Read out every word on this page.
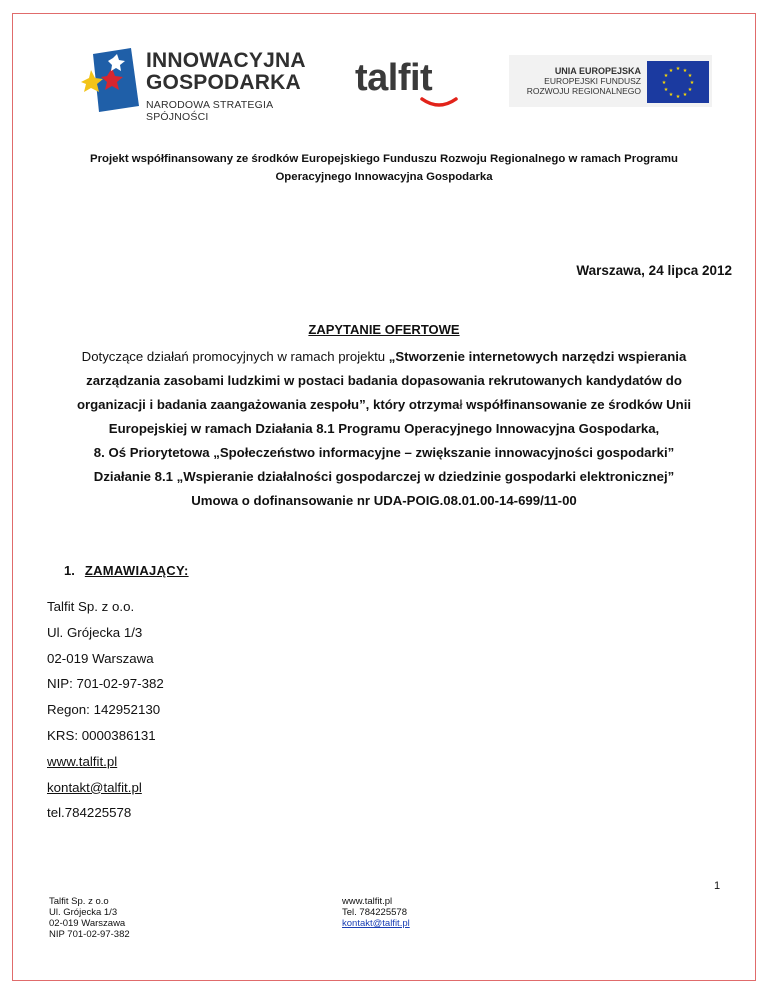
INNOWACYJNA
GOSPODARKA
NARODOWA STRATEGIA SPÓJNOŚCI
talfit	UNIA EUROPEJSKA
EUROPEJSKI FUNDUSZ
ROZWOJU REGIONALNEGO
★ ★
★
★
★
★
★
★
★
★
★
★
Projekt współfinansowany ze środków Europejskiego Funduszu Rozwoju Regionalnego w ramach Programu
Operacyjnego Innowacyjna Gospodarka
Warszawa, 24 lipca 2012
ZAPYTANIE OFERTOWE
Dotyczące działań promocyjnych w ramach projektu „Stworzenie internetowych narzędzi wspierania
zarządzania zasobami ludzkimi w postaci badania dopasowania rekrutowanych kandydatów do
organizacji i badania zaangażowania zespołu”, który otrzymał współfinansowanie ze środków Unii
Europejskiej w ramach Działania 8.1 Programu Operacyjnego Innowacyjna Gospodarka,
8. Oś Priorytetowa „Społeczeństwo informacyjne – zwiększanie innowacyjności gospodarki”
Działanie 8.1 „Wspieranie działalności gospodarczej w dziedzinie gospodarki elektronicznej”
Umowa o dofinansowanie nr UDA-POIG.08.01.00-14-699/11-00
1. ZAMAWIAJĄCY:
Talfit Sp. z o.o.
Ul. Grójecka 1/3
02-019 Warszawa
NIP: 701-02-97-382
Regon: 142952130
KRS: 0000386131
www.talfit.pl
kontakt@talfit.pl
tel.784225578
1
Talfit Sp. z o.o
Ul. Grójecka 1/3
02-019 Warszawa
NIP 701-02-97-382
www.talfit.pl
Tel. 784225578
kontakt@talfit.pl
